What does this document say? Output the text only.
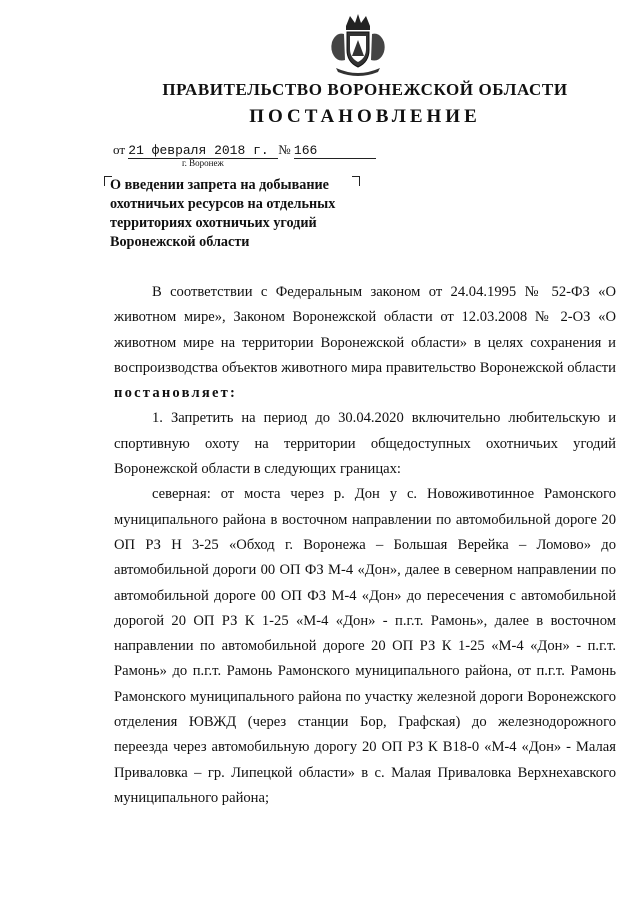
ПРАВИТЕЛЬСТВО ВОРОНЕЖСКОЙ ОБЛАСТИ
ПОСТАНОВЛЕНИЕ
от 21 февраля 2018 г. № 166
г. Воронеж
О введении запрета на добывание охотничьих ресурсов на отдельных территориях охотничьих угодий Воронежской области

В соответствии с Федеральным законом от 24.04.1995 № 52-ФЗ «О животном мире», Законом Воронежской области от 12.03.2008 № 2-ОЗ «О животном мире на территории Воронежской области» в целях сохранения и воспроизводства объектов животного мира правительство Воронежской области постановляет:

1. Запретить на период до 30.04.2020 включительно любительскую и спортивную охоту на территории общедоступных охотничьих угодий Воронежской области в следующих границах:

северная: от моста через р. Дон у с. Новоживотинное Рамонского муниципального района в восточном направлении по автомобильной дороге 20 ОП РЗ Н 3-25 «Обход г. Воронежа – Большая Верейка – Ломово» до автомобильной дороги 00 ОП ФЗ М-4 «Дон», далее в северном направлении по автомобильной дороге 00 ОП ФЗ М-4 «Дон» до пересечения с автомобильной дорогой 20 ОП РЗ К 1-25 «М-4 «Дон» - п.г.т. Рамонь», далее в восточном направлении по автомобильной дороге 20 ОП РЗ К 1-25 «М-4 «Дон» - п.г.т. Рамонь» до п.г.т. Рамонь Рамонского муниципального района, от п.г.т. Рамонь Рамонского муниципального района по участку железной дороги Воронежского отделения ЮВЖД (через станции Бор, Графская) до железнодорожного переезда через автомобильную дорогу 20 ОП РЗ К В18-0 «М-4 «Дон» - Малая Приваловка – гр. Липецкой области» в с. Малая Приваловка Верхнехавского муниципального района;
